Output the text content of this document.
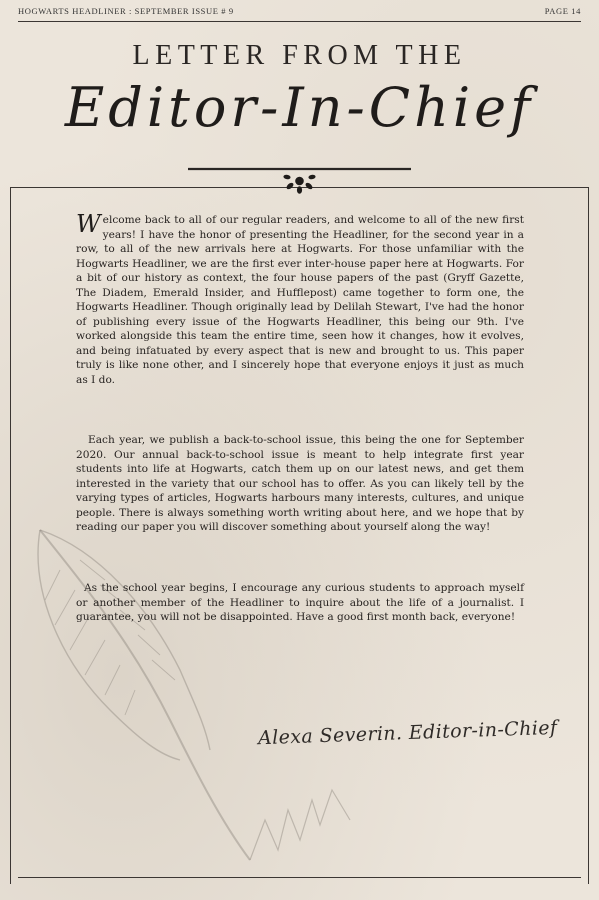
HOGWARTS HEADLINER : SEPTEMBER ISSUE # 9	PAGE 14
LETTER FROM THE
Editor-In-Chief
Welcome back to all of our regular readers, and welcome to all of the new first years! I have the honor of presenting the Headliner, for the second year in a row, to all of the new arrivals here at Hogwarts. For those unfamiliar with the Hogwarts Headliner, we are the first ever inter-house paper here at Hogwarts. For a bit of our history as context, the four house papers of the past (Gryff Gazette, The Diadem, Emerald Insider, and Hufflepost) came together to form one, the Hogwarts Headliner. Though originally lead by Delilah Stewart, I've had the honor of publishing every issue of the Hogwarts Headliner, this being our 9th. I've worked alongside this team the entire time, seen how it changes, how it evolves, and being infatuated by every aspect that is new and brought to us. This paper truly is like none other, and I sincerely hope that everyone enjoys it just as much as I do.
Each year, we publish a back-to-school issue, this being the one for September 2020. Our annual back-to-school issue is meant to help integrate first year students into life at Hogwarts, catch them up on our latest news, and get them interested in the variety that our school has to offer. As you can likely tell by the varying types of articles, Hogwarts harbours many interests, cultures, and unique people. There is always something worth writing about here, and we hope that by reading our paper you will discover something about yourself along the way!
As the school year begins, I encourage any curious students to approach myself or another member of the Headliner to inquire about the life of a journalist. I guarantee, you will not be disappointed. Have a good first month back, everyone!
Alexa Severin. Editor-in-Chief
